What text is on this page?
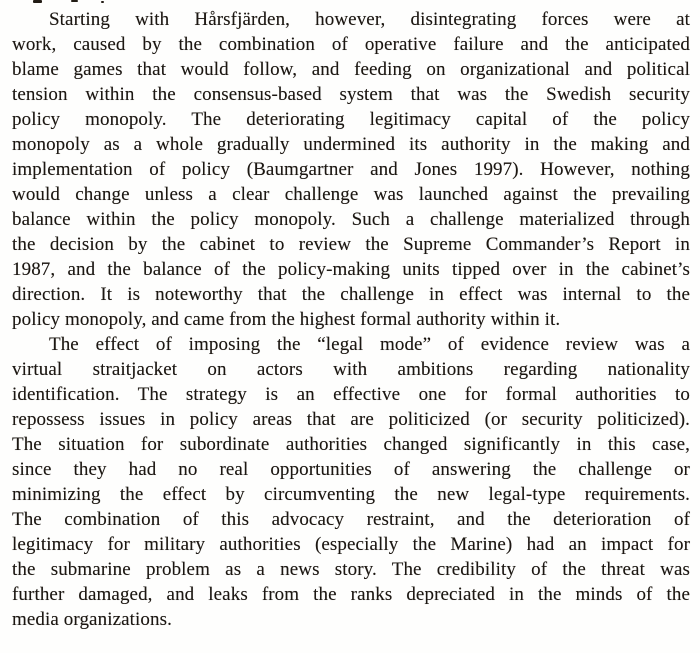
Starting with Hårsfjärden, however, disintegrating forces were at
work, caused by the combination of operative failure and the anticipated
blame games that would follow, and feeding on organizational and political
tension within the consensus-based system that was the Swedish security
policy monopoly. The deteriorating legitimacy capital of the policy
monopoly as a whole gradually undermined its authority in the making and
implementation of policy (Baumgartner and Jones 1997). However, nothing
would change unless a clear challenge was launched against the prevailing
balance within the policy monopoly. Such a challenge materialized through
the decision by the cabinet to review the Supreme Commander’s Report in
1987, and the balance of the policy-making units tipped over in the cabinet’s
direction. It is noteworthy that the challenge in effect was internal to the
policy monopoly, and came from the highest formal authority within it.
The effect of imposing the “legal mode” of evidence review was a
virtual straitjacket on actors with ambitions regarding nationality
identification. The strategy is an effective one for formal authorities to
repossess issues in policy areas that are politicized (or security politicized).
The situation for subordinate authorities changed significantly in this case,
since they had no real opportunities of answering the challenge or
minimizing the effect by circumventing the new legal-type requirements.
The combination of this advocacy restraint, and the deterioration of
legitimacy for military authorities (especially the Marine) had an impact for
the submarine problem as a news story. The credibility of the threat was
further damaged, and leaks from the ranks depreciated in the minds of the
media organizations.
